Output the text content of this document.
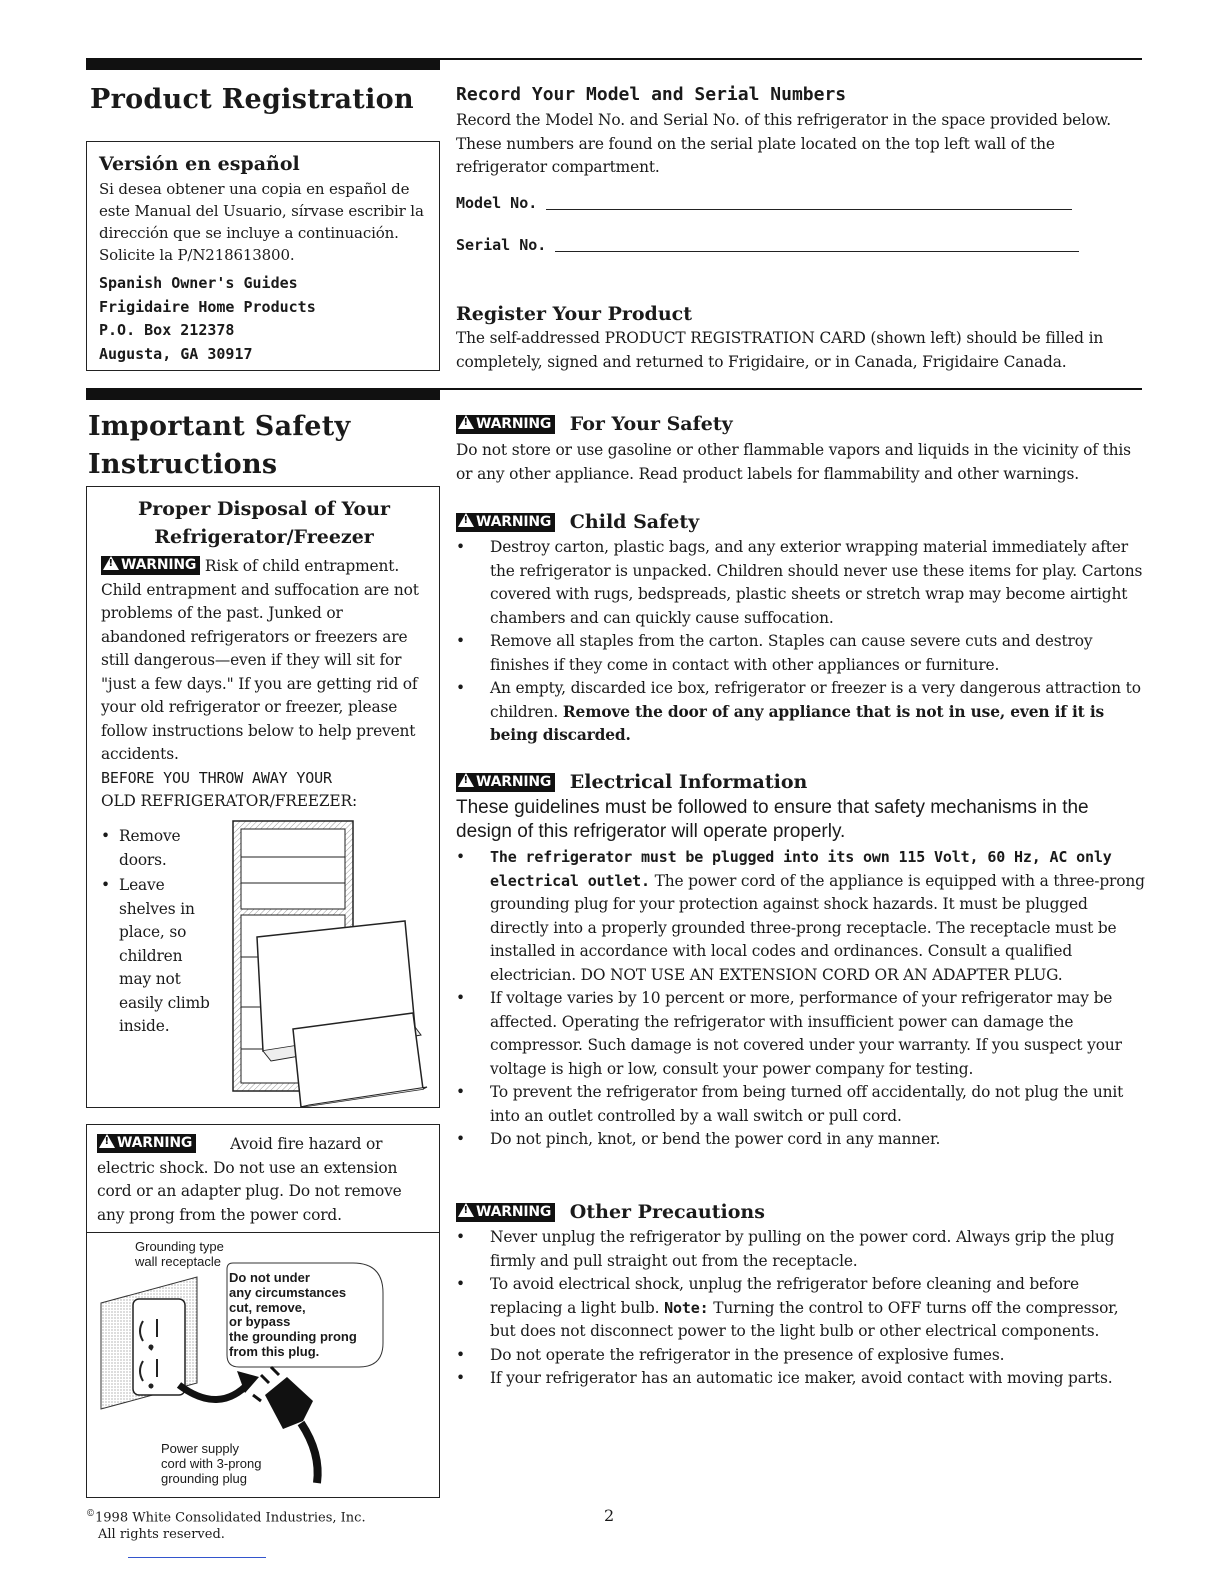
Product Registration
Versión en español

Si desea obtener una copia en español de este Manual del Usuario, sírvase escribir la dirección que se incluye a continuación. Solicite la P/N218613800.

Spanish Owner's Guides
Frigidaire Home Products
P.O. Box 212378
Augusta, GA 30917
Record Your Model and Serial Numbers

Record the Model No. and Serial No. of this refrigerator in the space provided below. These numbers are found on the serial plate located on the top left wall of the refrigerator compartment.

Model No.
Serial No.
Register Your Product

The self-addressed PRODUCT REGISTRATION CARD (shown left) should be filled in completely, signed and returned to Frigidaire, or in Canada, Frigidaire Canada.

Important Safety
Instructions
Proper Disposal of Your
Refrigerator/Freezer

!WARNING Risk of child entrapment.

Child entrapment and suffocation are not problems of the past. Junked or abandoned refrigerators or freezers are still dangerous—even if they will sit for "just a few days." If you are getting rid of your old refrigerator or freezer, please follow instructions below to help prevent accidents.

BEFORE YOU THROW AWAY YOUR

OLD REFRIGERATOR/FREEZER:

• Remove doors.
• Leave shelves in place, so children may not easily climb inside.

!WARNING Avoid fire hazard or electric shock. Do not use an extension cord or an adapter plug. Do not remove any prong from the power cord.

Grounding type
wall receptacle
Do not under
any circumstances
cut, remove,
or bypass
the grounding prong
from this plug.
Power supply
cord with 3-prong
grounding plug
!WARNING For Your Safety

Do not store or use gasoline or other flammable vapors and liquids in the vicinity of this or any other appliance. Read product labels for flammability and other warnings.

!WARNING Child Safety
• Destroy carton, plastic bags, and any exterior wrapping material immediately after the refrigerator is unpacked. Children should never use these items for play. Cartons covered with rugs, bedspreads, plastic sheets or stretch wrap may become airtight chambers and can quickly cause suffocation.
• Remove all staples from the carton. Staples can cause severe cuts and destroy finishes if they come in contact with other appliances or furniture.
• An empty, discarded ice box, refrigerator or freezer is a very dangerous attraction to children. Remove the door of any appliance that is not in use, even if it is being discarded.
!WARNING Electrical Information

These guidelines must be followed to ensure that safety mechanisms in the design of this refrigerator will operate properly.

• The refrigerator must be plugged into its own 115 Volt, 60 Hz, AC only electrical outlet. The power cord of the appliance is equipped with a three-prong grounding plug for your protection against shock hazards. It must be plugged directly into a properly grounded three-prong receptacle. The receptacle must be installed in accordance with local codes and ordinances. Consult a qualified electrician. DO NOT USE AN EXTENSION CORD OR AN ADAPTER PLUG.
• If voltage varies by 10 percent or more, performance of your refrigerator may be affected. Operating the refrigerator with insufficient power can damage the compressor. Such damage is not covered under your warranty. If you suspect your voltage is high or low, consult your power company for testing.
• To prevent the refrigerator from being turned off accidentally, do not plug the unit into an outlet controlled by a wall switch or pull cord.
• Do not pinch, knot, or bend the power cord in any manner.
!WARNING Other Precautions
• Never unplug the refrigerator by pulling on the power cord. Always grip the plug firmly and pull straight out from the receptacle.
• To avoid electrical shock, unplug the refrigerator before cleaning and before replacing a light bulb. Note: Turning the control to OFF turns off the compressor, but does not disconnect power to the light bulb or other electrical components.
• Do not operate the refrigerator in the presence of explosive fumes.
• If your refrigerator has an automatic ice maker, avoid contact with moving parts.
©1998 White Consolidated Industries, Inc.
All rights reserved.
2
